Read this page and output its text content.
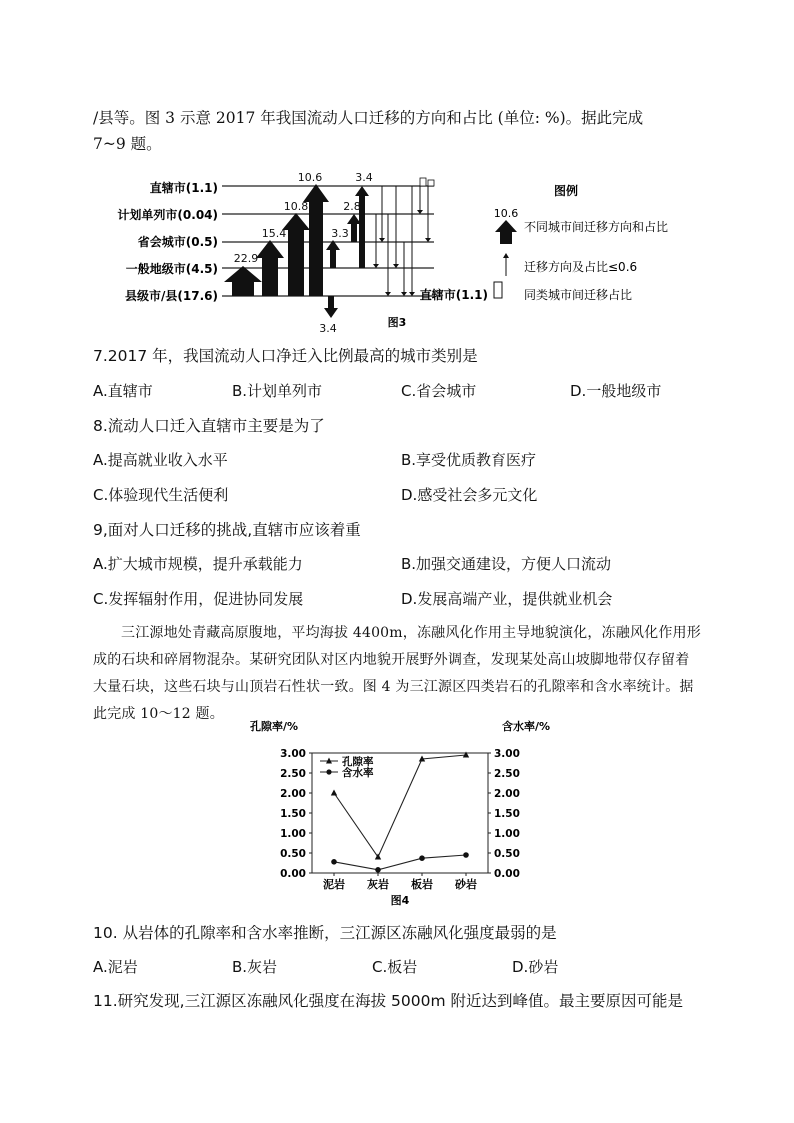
/县等。图 3 示意 2017 年我国流动人口迁移的方向和占比 (单位: %)。据此完成
7~9 题。
直辖市(1.1)
计划单列市(0.04)
省会城市(0.5)
一般地级市(4.5)
县级市/县(17.6)
22.9
15.4
10.8
10.6
3.3
2.8
3.4
3.4
图例
10.6
不同城市间迁移方向和占比
迁移方向及占比≤0.6
直辖市(1.1)	同类城市间迁移占比
图3
7.2017 年，我国流动人口净迁入比例最高的城市类别是
A.直辖市	B.计划单列市	C.省会城市	D.一般地级市
8.流动人口迁入直辖市主要是为了
A.提高就业收入水平	B.享受优质教育医疗
C.体验现代生活便利	D.感受社会多元文化
9,面对人口迁移的挑战,直辖市应该着重
A.扩大城市规模，提升承载能力	B.加强交通建设，方便人口流动
C.发挥辐射作用，促进协同发展	D.发展高端产业，提供就业机会
三江源地处青藏高原腹地，平均海拔 4400m，冻融风化作用主导地貌演化，冻融风化作用形成的石块和碎屑物混杂。某研究团队对区内地貌开展野外调查，发现某处高山坡脚地带仅存留着大量石块，这些石块与山顶岩石性状一致。图 4 为三江源区四类岩石的孔隙率和含水率统计。据此完成 10～12 题。
孔隙率/%	含水率/%
0.00	0.00
0.50	0.50
1.00	1.00
1.50	1.50
2.00	2.00
2.50	2.50
3.00	3.00
泥岩 灰岩 板岩 砂岩
孔隙率
含水率
图4
10. 从岩体的孔隙率和含水率推断，三江源区冻融风化强度最弱的是
A.泥岩	B.灰岩	C.板岩	D.砂岩
11.研究发现,三江源区冻融风化强度在海拔 5000m 附近达到峰值。最主要原因可能是
